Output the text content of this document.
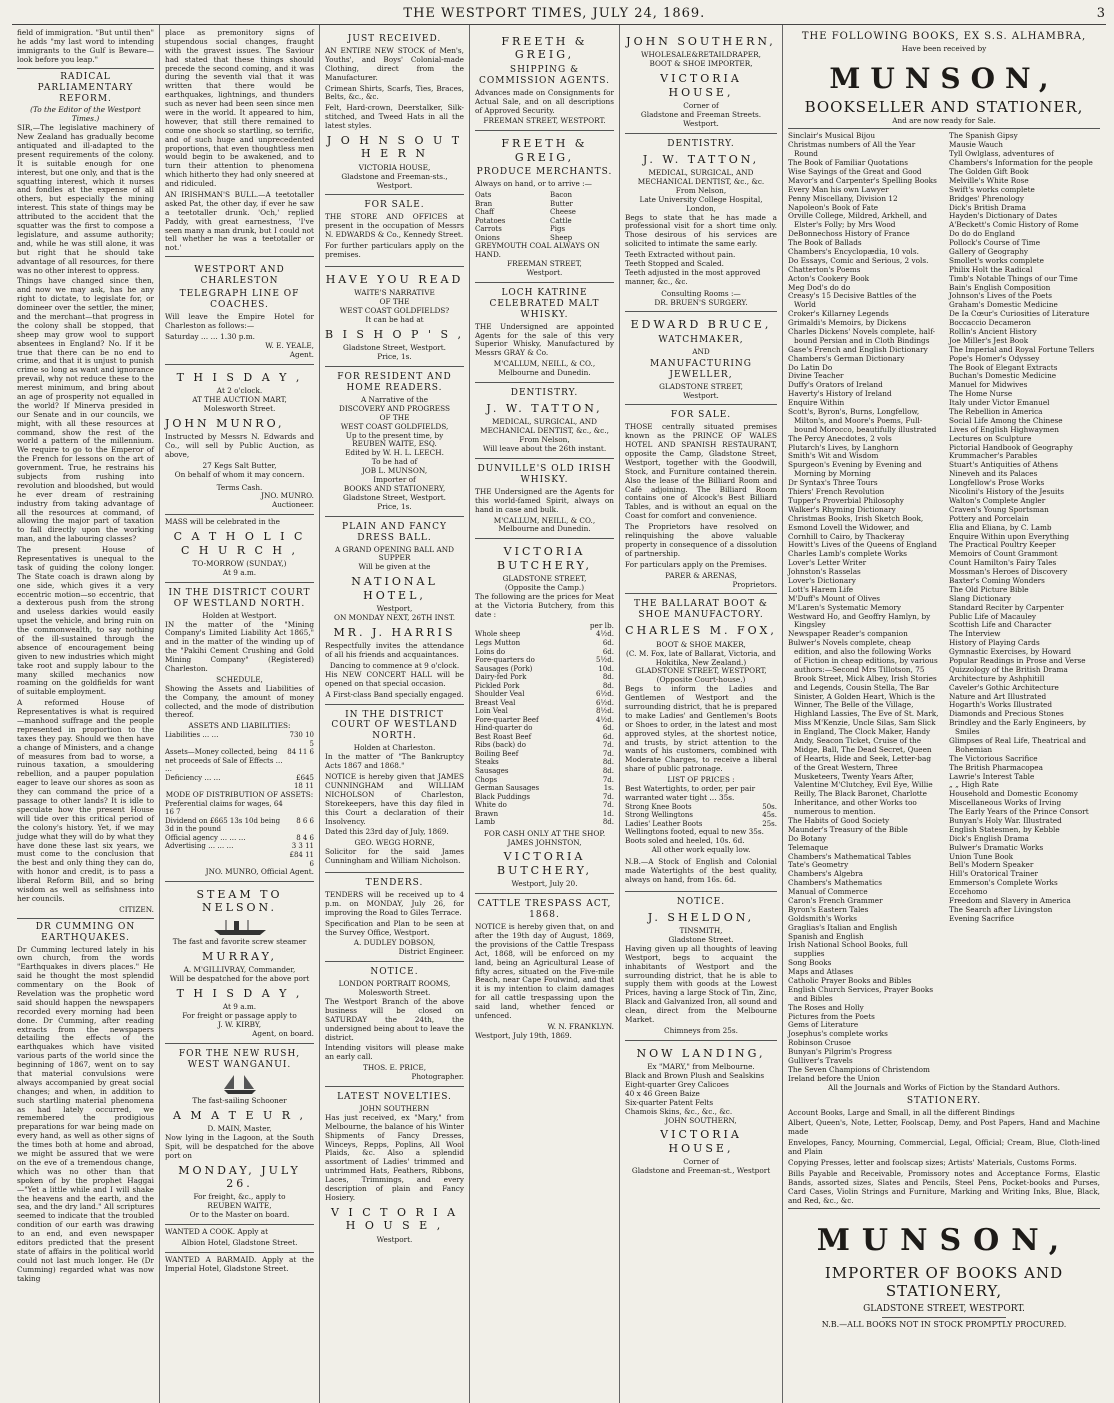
THE WESTPORT TIMES, JULY 24, 1869.	3

field of immigration. "But until then" he adds "my last word to intending immigrants to the Gulf is Beware—look before you leap."

RADICAL PARLIAMENTARY REFORM.
(To the Editor of the Westport Times.)

SIR,—The legislative machinery of New Zealand has gradually become antiquated and ill-adapted to the present requirements of the colony. It is suitable enough for one interest, but one only, and that is the squatting interest, which it nurses and fondles at the expense of all others, but especially the mining interest. This state of things may be attributed to the accident that the squatter was the first to compose a legislature, and assume authority; and, while he was still alone, it was but right that he should take advantage of all resources, for there was no other interest to oppress.

Things have changed since then, and now we may ask, has he any right to dictate, to legislate for, or domineer over the settler, the miner, and the merchant—that progress in the colony shall be stopped, that sheep may grow wool to support absentees in England? No. If it be true that there can be no end to crime, and that it is unjust to punish crime so long as want and ignorance prevail, why not reduce these to the merest minimum, and bring about an age of prosperity not equalled in the world? If Minerva presided in our Senate and in our councils, we might, with all these resources at command, show the rest of the world a pattern of the millennium. We require to go to the Emperor of the French for lessons on the art of government. True, he restrains his subjects from rushing into revolution and bloodshed, but would he ever dream of restraining industry from taking advantage of all the resources at command, of allowing the major part of taxation to fall directly upon the working man, and the labouring classes?

The present House of Representatives is unequal to the task of guiding the colony longer. The State coach is drawn along by one side, which gives it a very eccentric motion—so eccentric, that a dexterous push from the strong and useless darkies would easily upset the vehicle, and bring ruin on the commonwealth, to say nothing of the ill-sustained through the absence of encouragement being given to new industries which might take root and supply labour to the many skilled mechanics now roaming on the goldfields for want of suitable employment.

A reformed House of Representatives is what is required—manhood suffrage and the people represented in proportion to the taxes they pay. Should we then have a change of Ministers, and a change of measures from bad to worse, a ruinous taxation, a smouldering rebellion, and a pauper population eager to leave our shores as soon as they can command the price of a passage to other lands? It is idle to speculate how the present House will tide over this critical period of the colony's history. Yet, if we may judge what they will do by what they have done these last six years, we must come to the conclusion that the best and only thing they can do, with honor and credit, is to pass a liberal Reform Bill, and so bring wisdom as well as selfishness into her councils.

CITIZEN.
DR CUMMING ON EARTHQUAKES.

Dr Cumming lectured lately in his own church, from the words "Earthquakes in divers places." He said he thought the most splendid commentary on the Book of Revelation was the prophetic word said should happen the newspapers recorded every morning had been done. Dr Cumming, after reading extracts from the newspapers detailing the effects of the earthquakes which have visited various parts of the world since the beginning of 1867, went on to say that material convulsions were always accompanied by great social changes; and when, in addition to such startling material phenomena as had lately occurred, we remembered the prodigious preparations for war being made on every hand, as well as other signs of the times both at home and abroad, we might be assured that we were on the eve of a tremendous change, which was no other than that spoken of by the prophet Haggai—"Yet a little while and I will shake the heavens and the earth, and the sea, and the dry land." All scriptures seemed to indicate that the troubled condition of our earth was drawing to an end, and even newspaper editors predicted that the present state of affairs in the political world could not last much longer. He (Dr Cumming) regarded what was now taking

place as premonitory signs of stupendous social changes, fraught with the gravest issues. The Saviour had stated that these things should precede the second coming, and it was during the seventh vial that it was written that there would be earthquakes, lightnings, and thunders such as never had been seen since men were in the world. It appeared to him, however, that still there remained to come one shock so startling, so terrific, and of such huge and unprecedented proportions, that even thoughtless men would begin to be awakened, and to turn their attention to phenomena which hitherto they had only sneered at and ridiculed.

AN IRISHMAN'S BULL.—A teetotaller asked Pat, the other day, if ever he saw a teetotaller drunk. 'Och,' replied Paddy, with great earnestness, 'I've seen many a man drunk, but I could not tell whether he was a teetotaller or not.'

WESTPORT AND CHARLESTON
TELEGRAPH LINE OF COACHES.

Will leave the Empire Hotel for Charleston as follows:—

Saturday … … 1.30 p.m.
W. E. YEALE,
Agent.
T H I S D A Y ,
At 2 o'clock.
AT THE AUCTION MART,
Molesworth Street.
JOHN MUNRO,

Instructed by Messrs N. Edwards and Co., will sell by Public Auction, as above,

27 Kegs Salt Butter,
On behalf of whom it may concern.
Terms Cash.
JNO. MUNRO.
Auctioneer.

MASS will be celebrated in the

C A T H O L I C C H U R C H ,
TO-MORROW (SUNDAY,)
At 9 a.m.
IN THE DISTRICT COURT OF WESTLAND NORTH.
Holden at Westport.

IN the matter of the "Mining Company's Limited Liability Act 1865," and in the matter of the winding up of the "Pakihi Cement Crushing and Gold Mining Company" (Registered) Charleston.

SCHEDULE,

Showing the Assets and Liabilities of the Company, the amount of money collected, and the mode of distribution thereof.

ASSETS AND LIABILITIES:
Liabilities … …	730 10 5
Assets—Money collected, being net proceeds of Sale of Effects … …	84 11 6
Deficiency … …	£645 18 11
MODE OF DISTRIBUTION OF ASSETS:
Preferential claims for wages, 64 16 7	
Dividend on £665 13s 10d being 3d in the pound	8 6 6
Official agency … … …	8 4 6
Advertising … … …	3 3 11
	£84 11 6
JNO. MUNRO, Official Agent.
STEAM TO NELSON.
The fast and favorite screw steamer
MURRAY,
A. M'GILLIVRAY, Commander,
Will be despatched for the above port
T H I S D A Y ,
At 9 a.m.
For freight or passage apply to
J. W. KIRBY,
Agent, on board.
FOR THE NEW RUSH, WEST WANGANUI.
The fast-sailing Schooner
A M A T E U R ,
D. MAIN, Master,

Now lying in the Lagoon, at the South Spit, will be despatched for the above port on

MONDAY, JULY 26.
For freight, &c., apply to
REUBEN WAITE,
Or to the Master on board.

WANTED A COOK. Apply at

Albion Hotel, Gladstone Street.

WANTED A BARMAID. Apply at the Imperial Hotel, Gladstone Street.

JUST RECEIVED.

AN ENTIRE NEW STOCK of Men's, Youths', and Boys' Colonial-made Clothing, direct from the Manufacturer.

Crimean Shirts, Scarfs, Ties, Braces, Belts, &c., &c.

Felt, Hard-crown, Deerstalker, Silk-stitched, and Tweed Hats in all the latest styles.

J O H N S O U T H E R N
VICTORIA HOUSE,
Gladstone and Freeman-sts., Westport.
FOR SALE.

THE STORE AND OFFICES at present in the occupation of Messrs N. EDWARDS & Co., Kennedy Street.

For further particulars apply on the premises.

HAVE YOU READ
WAITE'S NARRATIVE
OF THE
WEST COAST GOLDFIELDS?
It can be had at
B I S H O P ' S ,
Gladstone Street, Westport.
Price, 1s.
FOR RESIDENT AND HOME READERS.
A Narrative of the
DISCOVERY AND PROGRESS
OF THE
WEST COAST GOLDFIELDS,
Up to the present time, by
REUBEN WAITE, ESQ.
Edited by W. H. L. LEECH.
To be had of
JOB L. MUNSON,
Importer of
BOOKS AND STATIONERY,
Gladstone Street, Westport.
Price, 1s.
PLAIN AND FANCY DRESS BALL.
A GRAND OPENING BALL AND SUPPER
Will be given at the
NATIONAL HOTEL,
Westport,
ON MONDAY NEXT, 26TH INST.
MR. J. HARRIS

Respectfully invites the attendance of all his friends and acquaintances.

Dancing to commence at 9 o'clock.

His NEW CONCERT HALL will be opened on that special occasion.

A First-class Band specially engaged.
IN THE DISTRICT COURT OF WESTLAND NORTH.
Holden at Charleston.

In the matter of "The Bankruptcy Acts 1867 and 1868."

NOTICE is hereby given that JAMES CUNNINGHAM and WILLIAM NICHOLSON of Charleston, Storekeepers, have this day filed in this Court a declaration of their Insolvency.

Dated this 23rd day of July, 1869.

GEO. WEGG HORNE,

Solicitor for the said James Cunningham and William Nicholson.

TENDERS.

TENDERS will be received up to 4 p.m. on MONDAY, July 26, for improving the Road to Giles Terrace.

Specification and Plan to be seen at the Survey Office, Westport.

A. DUDLEY DOBSON,
District Engineer.
NOTICE.
LONDON PORTRAIT ROOMS, Molesworth Street.

The Westport Branch of the above business will be closed on SATURDAY the 24th, the undersigned being about to leave the district.

Intending visitors will please make an early call.

THOS. E. PRICE,
Photographer.
LATEST NOVELTIES.
JOHN SOUTHERN

Has just received, ex "Mary," from Melbourne, the balance of his Winter Shipments of Fancy Dresses, Winceys, Repps, Poplins, All Wool Plaids, &c. Also a splendid assortment of Ladies' trimmed and untrimmed Hats, Feathers, Ribbons, Laces, Trimmings, and every description of plain and Fancy Hosiery.

V I C T O R I A H O U S E ,
Westport.
FREETH & GREIG,
SHIPPING & COMMISSION AGENTS.

Advances made on Consignments for Actual Sale, and on all descriptions of Approved Security.

FREEMAN STREET, WESTPORT.
FREETH & GREIG,
PRODUCE MERCHANTS.

Always on hand, or to arrive :—

Oats	Bacon
Bran	Butter
Chaff	Cheese
Potatoes	Cattle
Carrots	Pigs
Onions	Sheep
GREYMOUTH COAL ALWAYS ON HAND.
FREEMAN STREET,
Westport.
LOCH KATRINE CELEBRATED MALT WHISKY.

THE Undersigned are appointed Agents for the sale of this very Superior Whisky, Manufactured by Messrs GRAY & Co.

M'CALLUM, NEILL, & CO.,
Melbourne and Dunedin.
DENTISTRY.
J. W. TATTON,
MEDICAL, SURGICAL, AND MECHANICAL DENTIST, &c., &c.,
From Nelson,
Will leave about the 26th instant.
DUNVILLE'S OLD IRISH WHISKY.

THE Undersigned are the Agents for this world-famed Spirit, always on hand in case and bulk.

M'CALLUM, NEILL, & CO.,
Melbourne and Dunedin.
VICTORIA BUTCHERY,
GLADSTONE STREET,
(Opposite the Camp.)

The following are the prices for Meat at the Victoria Butchery, from this date :

per lb.
Whole sheep	4½d.
Legs Mutton	6d.
Loins do	6d.
Fore-quarters do	5½d.
Sausages (Pork)	10d.
Dairy-fed Pork	8d.
Pickled Pork	8d.
Shoulder Veal	6½d.
Breast Veal	6½d.
Loin Veal	8½d.
Fore-quarter Beef	4½d.
Hind-quarter do	6d.
Best Roast Beef	6d.
Ribs (back) do	7d.
Boiling Beef	7d.
Steaks	8d.
Sausages	8d.
Chops	7d.
German Sausages	1s.
Black Puddings	7d.
White do	7d.
Brawn	1d.
Lamb	8d.
FOR CASH ONLY AT THE SHOP.
JAMES JOHNSTON,
VICTORIA BUTCHERY,
Westport, July 20.
CATTLE TRESPASS ACT, 1868.

NOTICE is hereby given that, on and after the 19th day of August, 1869, the provisions of the Cattle Trespass Act, 1868, will be enforced on my land, being an Agricultural Lease of fifty acres, situated on the Five-mile Beach, near Cape Foulwind, and that it is my intention to claim damages for all cattle trespassing upon the said land, whether fenced or unfenced.

W. N. FRANKLYN.
Westport, July 19th, 1869.
JOHN SOUTHERN,
WHOLESALE&RETAILDRAPER,
BOOT & SHOE IMPORTER,
VICTORIA HOUSE,
Corner of
Gladstone and Freeman Streets.
Westport.
DENTISTRY.
J. W. TATTON,
MEDICAL, SURGICAL, AND MECHANICAL DENTIST, &c., &c.
From Nelson,
Late University College Hospital, London,

Begs to state that he has made a professional visit for a short time only. Those desirous of his services are solicited to intimate the same early.

Teeth Extracted without pain.
Teeth Stopped and Scaled.
Teeth adjusted in the most approved manner, &c., &c.
Consulting Rooms :—
DR. BRUEN'S SURGERY.
EDWARD BRUCE,
WATCHMAKER,
AND
MANUFACTURING JEWELLER,
GLADSTONE STREET,
Westport.
FOR SALE.

THOSE centrally situated premises known as the PRINCE OF WALES HOTEL AND SPANISH RESTAURANT, opposite the Camp, Gladstone Street, Westport, together with the Goodwill, Stock, and Furniture contained therein. Also the lease of the Billiard Room and Café adjoining. The Billiard Room contains one of Alcock's Best Billiard Tables, and is without an equal on the Coast for comfort and convenience.

The Proprietors have resolved on relinquishing the above valuable property in consequence of a dissolution of partnership.

For particulars apply on the Premises.

PARER & ARENAS,
Proprietors.
THE BALLARAT BOOT & SHOE MANUFACTORY.
CHARLES M. FOX,
BOOT & SHOE MAKER,
(C. M. Fox, late of Ballarat, Victoria, and Hokitika, New Zealand.)
GLADSTONE STREET, WESTPORT, (Opposite Court-house.)

Begs to inform the Ladies and Gentlemen of Westport and the surrounding district, that he is prepared to make Ladies' and Gentlemen's Boots or Shoes to order, in the latest and most approved styles, at the shortest notice, and trusts, by strict attention to the wants of his customers, combined with Moderate Charges, to receive a liberal share of public patronage.

LIST OF PRICES :
Best Watertights, to order, per pair warranted water tight … 35s.
Strong Knee Boots	50s.
Strong Wellingtons	45s.
Ladies' Leather Boots	25s.
Wellingtons footed, equal to new 35s.
Boots soled and heeled, 10s. 6d.
All other work equally low.

N.B.—A Stock of English and Colonial made Watertights of the best quality, always on hand, from 16s. 6d.

NOTICE.
J. SHELDON,
TINSMITH,
Gladstone Street.

Having given up all thoughts of leaving Westport, begs to acquaint the inhabitants of Westport and the surrounding district, that he is able to supply them with goods at the Lowest Prices, having a large Stock of Tin, Zinc, Black and Galvanized Iron, all sound and clean, direct from the Melbourne Market.

Chimneys from 25s.
NOW LANDING,
Ex "MARY," from Melbourne.
Black and Brown Plush and Sealskins
Eight-quarter Grey Calicoes
40 x 46 Green Baize
Six-quarter Patent Felts
Chamois Skins, &c., &c., &c.
JOHN SOUTHERN,
VICTORIA HOUSE,
Corner of
Gladstone and Freeman-st., Westport
THE FOLLOWING BOOKS, EX S.S. ALHAMBRA,
Have been received by
MUNSON,
BOOKSELLER AND STATIONER,
And are now ready for Sale.
Sinclair's Musical Bijou
Christmas numbers of All the Year Round
The Book of Familiar Quotations
Wise Sayings of the Great and Good
Mavor's and Carpenter's Spelling Books
Every Man his own Lawyer
Penny Miscellany, Division 12
Napoleon's Book of Fate
Orville College, Mildred, Arkhell, and Elster's Folly; by Mrs Wood
DeBonnechoss History of France
The Book of Ballads
Chambers's Encyclopædia, 10 vols.
Do Essays, Comic and Serious, 2 vols.
Chatterton's Poems
Acton's Cookery Book
Meg Dod's do do
Creasy's 15 Decisive Battles of the World
Croker's Killarney Legends
Grimaldi's Memoirs, by Dickens
Charles Dickens' Novels complete, half-bound Persian and in Cloth Bindings
Gase's French and English Dictionary
Chambers's German Dictionary
Do Latin Do
Divine Teacher
Duffy's Orators of Ireland
Haverty's History of Ireland
Enquire Within
Scott's, Byron's, Burns, Longfellow, Milton's, and Moore's Poems, Full-bound Morocco, beautifully illustrated
The Percy Anecdotes, 2 vols
Plutarch's Lives, by Langhorn
Smith's Wit and Wisdom
Spurgeon's Evening by Evening and Morning by Morning
Dr Syntax's Three Tours
Thiers' French Revolution
Tupper's Proverbial Philosophy
Walker's Rhyming Dictionary
Christmas Books, Irish Sketch Book,
Esmond Lovell the Widower, and
Cornhill to Cairo, by Thackeray
Howitt's Lives of the Queens of England
Charles Lamb's complete Works
Lover's Letter Writer
Johnston's Rasselas
Lover's Dictionary
Lott's Harem Life
M'Duff's Mount of Olives
M'Laren's Systematic Memory
Westward Ho, and Geoffry Hamlyn, by Kingsley
Newspaper Reader's companion
Bulwer's Novels complete, cheap edition, and also the following Works of Fiction in cheap editions, by various authors:—Second Mrs Tillotson, 75 Brook Street, Mick Albey, Irish Stories and Legends, Cousin Stella, The Bar Sinister, A Golden Heart, Which is the Winner, The Belle of the Village, Highland Lassies, The Eve of St. Mark, Miss M'Kenzie, Uncle Silas, Sam Slick in England, The Clock Maker, Handy Andy, Seacon Ticket, Cruise of the Midge, Ball, The Dead Secret, Queen of Hearts, Hide and Seek, Letter-bag of the Great Western, Three Musketeers, Twenty Years After, Valentine M'Clutchey, Evil Eye, Willie Reilly, The Black Baronet, Charlotte Inheritance, and other Works too numerous to mention.
The Habits of Good Society
Maunder's Treasury of the Bible
Do Botany
Telemaque
Chambers's Mathematical Tables
Tate's Geometry
Chambers's Algebra
Chambers's Mathematics
Manual of Commerce
Caron's French Grammer
Byron's Eastern Tales
Goldsmith's Works
Graglias's Italian and English
Spanish and English
Irish National School Books, full supplies
Song Books
Maps and Atlases
Catholic Prayer Books and Bibles
English Church Services, Prayer Books and Bibles
The Roses and Holly
Pictures from the Poets
Gems of Literature
Josephus's complete works
Robinson Crusoe
Bunyan's Pilgrim's Progress
Gulliver's Travels
The Seven Champions of Christendom
Ireland before the Union
The Spanish Gipsy
Mausie Wauch
Tyll Owlglass, adventures of
Chambers's Information for the people
The Golden Gift Book
Melville's White Rose
Swift's works complete
Bridges' Phrenology
Dick's British Drama
Hayden's Dictionary of Dates
A'Beckett's Comic History of Rome
Do do do England
Pollock's Course of Time
Gallery of Geography
Smollet's works complete
Philix Holt the Radical
Timb's Notable Things of our Time
Bain's English Composition
Johnson's Lives of the Poets
Graham's Domestic Medicine
De Ia Cœur's Curiosities of Literature
Boccaccio Decameron
Rollin's Ancient History
Joe Miller's Jest Book
The Imperial and Royal Fortune Tellers
Pope's Homer's Odyssey
The Book of Elegant Extracts
Buchan's Domestic Medicine
Manuel for Midwives
The Home Nurse
Italy under Victor Emanuel
The Rebellion in America
Social Life Among the Chinese
Lives of English Highwaymen
Lectures on Sculpture
Pictorial Handbook of Geography
Krummacher's Parables
Stuart's Antiquities of Athens
Nineveh and its Palaces
Longfellow's Prose Works
Nicolini's History of the Jesuits
Walton's Complete Angler
Craven's Young Sportsman
Pottery and Porcelain
Elia and Eliana, by C. Lamb
Enquire Within upon Everything
The Practical Poultry Keeper
Memoirs of Count Grammont
Count Hamilton's Fairy Tales
Mossman's Heroes of Discovery
Baxter's Coming Wonders
The Old Picture Bible
Slang Dictionary
Standard Reciter by Carpenter
Public Life of Macauley
Scottish Life and Character
The Interview
History of Playing Cards
Gymnastic Exercises, by Howard
Popular Readings in Prose and Verse
Quizzology of the British Drama
Architecture by Ashphitill
Caveler's Gothic Architecture
Nature and Art Illustrated
Hogarth's Works Illustrated
Diamonds and Precious Stones
Brindley and the Early Engineers, by Smiles
Glimpses of Real Life, Theatrical and Bohemian
The Victorious Sacrifice
The British Pharmacopea
Lawrie's Interest Table
„ „ High Rate
Household and Domestic Economy
Miscellaneous Works of Irving
The Early Years of the Prince Consort
Bunyan's Holy War. Illustrated
English Statesmen, by Kebble
Dick's English Drama
Bulwer's Dramatic Works
Union Tune Book
Bell's Modern Speaker
Hill's Oratorical Trainer
Emmerson's Complete Works
Eccehomo
Freedom and Slavery in America
The Search after Livingston
Evening Sacrifice
All the Journals and Works of Fiction by the Standard Authors.
STATIONERY.

Account Books, Large and Small, in all the different Bindings

Albert, Queen's, Note, Letter, Foolscap, Demy, and Post Papers, Hand and Machine made

Envelopes, Fancy, Mourning, Commercial, Legal, Official; Cream, Blue, Cloth-lined and Plain

Copying Presses, letter and foolscap sizes; Artists' Materials, Customs Forms.

Bills Payable and Receivable, Promissory notes and Acceptance Forms, Elastic Bands, assorted sizes, Slates and Pencils, Steel Pens, Pocket-books and Purses, Card Cases, Violin Strings and Furniture, Marking and Writing Inks, Blue, Black, and Red, &c., &c.

MUNSON,
IMPORTER OF BOOKS AND STATIONERY,
GLADSTONE STREET, WESTPORT.
N.B.—ALL BOOKS NOT IN STOCK PROMPTLY PROCURED.
